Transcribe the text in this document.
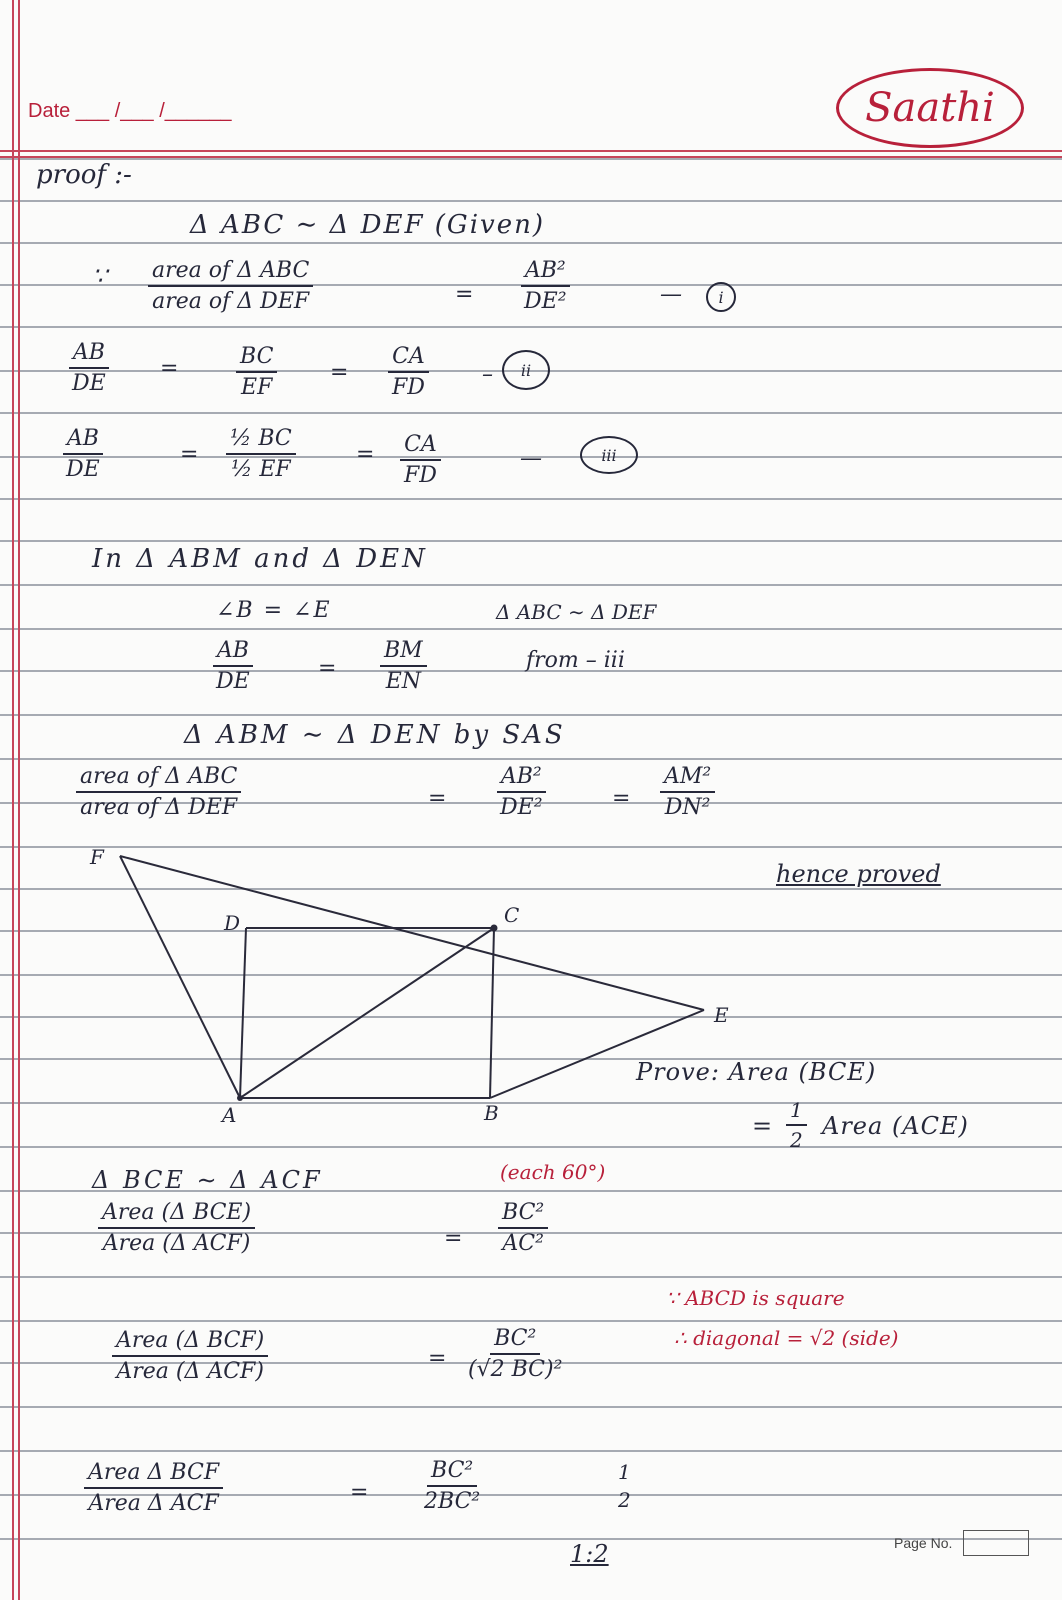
Date ___ /___ /______	Saathi
proof :-
Δ ABC ∼ Δ DEF (Given)
∵ area of Δ ABC
area of Δ DEF	= $\frac{\text{AB²}}{\text{DE²}}$	—	i
$\frac{AB}{DE}$ =	$\frac{BC}{EF} = \frac{CA}{FD}$ –	ii
$\frac{AB}{DE}$	= $\frac{\text{½ BC}}{\text{½ EF}}$	= $\frac{CA}{FD}$	—	iii
In Δ ABM and Δ DEN
∠B = ∠E	Δ ABC ∼ Δ DEF
$\frac{AB}{DE}$	= $\frac{BM}{EN}$	from – iii
Δ ABM ∼ Δ DEN by SAS
area of Δ ABC
area of Δ DEF	= $\frac{\text{AB²}}{\text{DE²}}$	= $\frac{\text{AM²}}{\text{DN²}}$
hence proved
F
D	C
E
A	B
Prove: Area (BCE)
= $\frac{1}{2}$ Area (ACE)
Δ BCE ∼ Δ ACF	(each 60°)
Area (Δ BCE)
Area (Δ ACF)	= $\frac{\text{BC²}}{\text{AC²}}$
∵ ABCD is square
∴ diagonal = √2 (side)
Area (Δ BCF)
Area (Δ ACF)
= $\frac{\text{BC²}}{\text{(√2 BC)²}}$
Area Δ BCF
Area Δ ACF	= $\frac{\text{BC²}}{\text{2BC²}}$	1
2
1:2	Page No.
